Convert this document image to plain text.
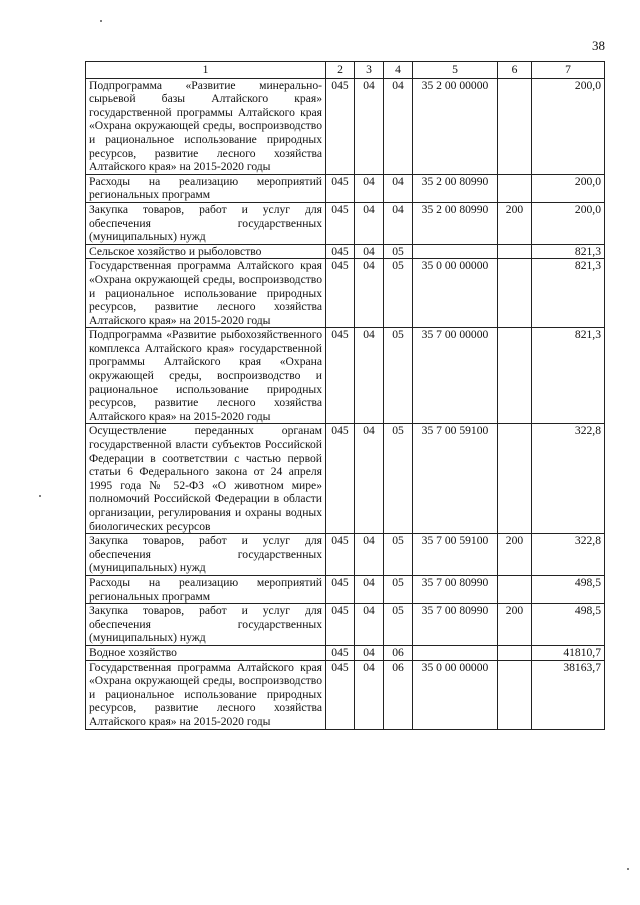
38
1	2	3	4	5	6	7
Подпрограмма «Развитие минерально-сырьевой базы Алтайского края» государственной программы Алтайского края «Охрана окружающей среды, воспроизводство и рациональное использование природных ресурсов, развитие лесного хозяйства Алтайского края» на 2015-2020 годы	045	04	04	35 2 00 00000		200,0
Расходы на реализацию мероприятий региональных программ	045	04	04	35 2 00 80990		200,0
Закупка товаров, работ и услуг для обеспечения государственных (муниципальных) нужд	045	04	04	35 2 00 80990	200	200,0
Сельское хозяйство и рыболовство	045	04	05			821,3
Государственная программа Алтайского края «Охрана окружающей среды, воспроизводство и рациональное использование природных ресурсов, развитие лесного хозяйства Алтайского края» на 2015-2020 годы	045	04	05	35 0 00 00000		821,3
Подпрограмма «Развитие рыбохозяйственного комплекса Алтайского края» государственной программы Алтайского края «Охрана окружающей среды, воспроизводство и рациональное использование природных ресурсов, развитие лесного хозяйства Алтайского края» на 2015-2020 годы	045	04	05	35 7 00 00000		821,3
Осуществление переданных органам государственной власти субъектов Российской Федерации в соответствии с частью первой статьи 6 Федерального закона от 24 апреля 1995 года № 52-ФЗ «О животном мире» полномочий Российской Федерации в области организации, регулирования и охраны водных биологических ресурсов	045	04	05	35 7 00 59100		322,8
Закупка товаров, работ и услуг для обеспечения государственных (муниципальных) нужд	045	04	05	35 7 00 59100	200	322,8
Расходы на реализацию мероприятий региональных программ	045	04	05	35 7 00 80990		498,5
Закупка товаров, работ и услуг для обеспечения государственных (муниципальных) нужд	045	04	05	35 7 00 80990	200	498,5
Водное хозяйство	045	04	06			41810,7
Государственная программа Алтайского края «Охрана окружающей среды, воспроизводство и рациональное использование природных ресурсов, развитие лесного хозяйства Алтайского края» на 2015-2020 годы	045	04	06	35 0 00 00000		38163,7
